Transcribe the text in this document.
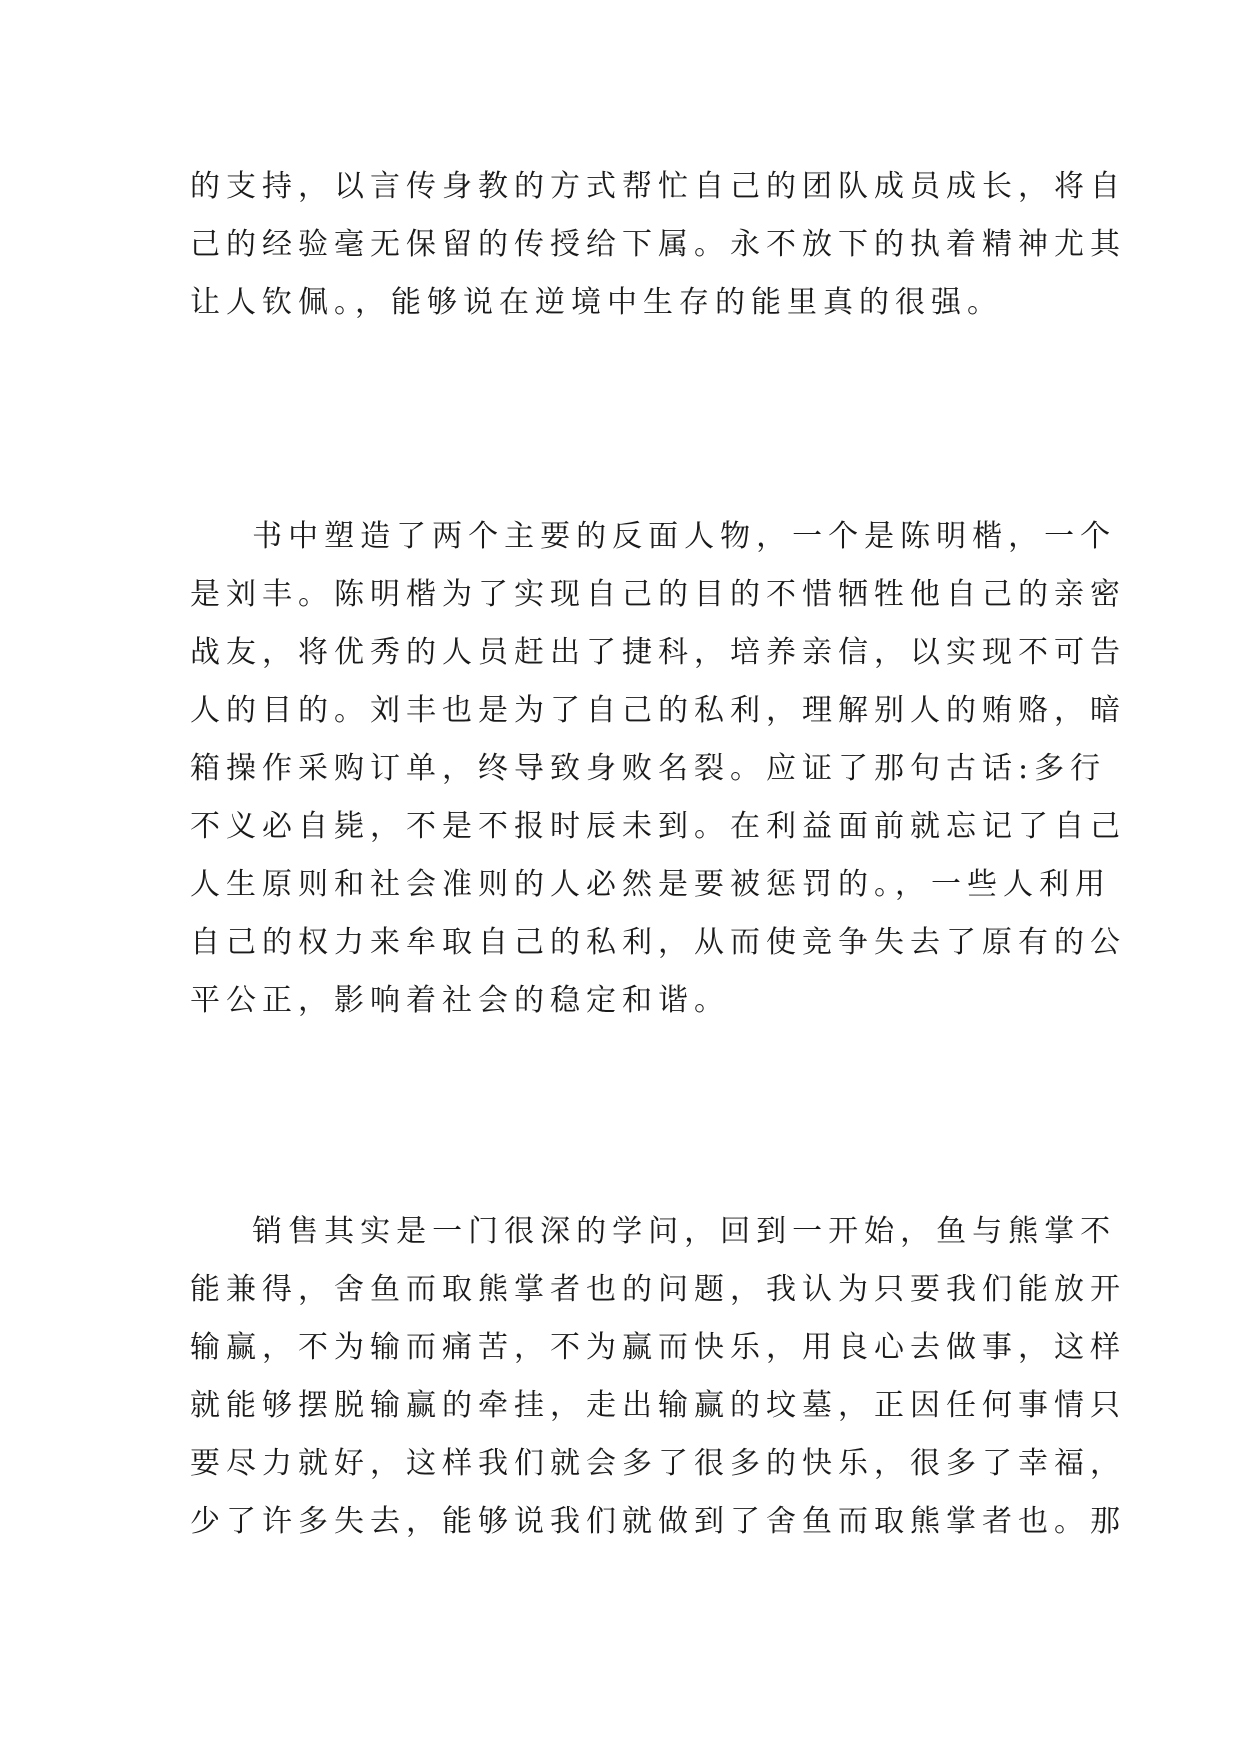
的支持，以言传身教的方式帮忙自己的团队成员成长，将自
己的经验毫无保留的传授给下属。永不放下的执着精神尤其
让人钦佩。，能够说在逆境中生存的能里真的很强。
书中塑造了两个主要的反面人物，一个是陈明楷，一个
是刘丰。陈明楷为了实现自己的目的不惜牺牲他自己的亲密
战友，将优秀的人员赶出了捷科，培养亲信，以实现不可告
人的目的。刘丰也是为了自己的私利，理解别人的贿赂，暗
箱操作采购订单，终导致身败名裂。应证了那句古话:多行
不义必自毙，不是不报时辰未到。在利益面前就忘记了自己
人生原则和社会准则的人必然是要被惩罚的。，一些人利用
自己的权力来牟取自己的私利，从而使竞争失去了原有的公
平公正，影响着社会的稳定和谐。
销售其实是一门很深的学问，回到一开始，鱼与熊掌不
能兼得，舍鱼而取熊掌者也的问题，我认为只要我们能放开
输赢，不为输而痛苦，不为赢而快乐，用良心去做事，这样
就能够摆脱输赢的牵挂，走出输赢的坟墓，正因任何事情只
要尽力就好，这样我们就会多了很多的快乐，很多了幸福，
少了许多失去，能够说我们就做到了舍鱼而取熊掌者也。那
